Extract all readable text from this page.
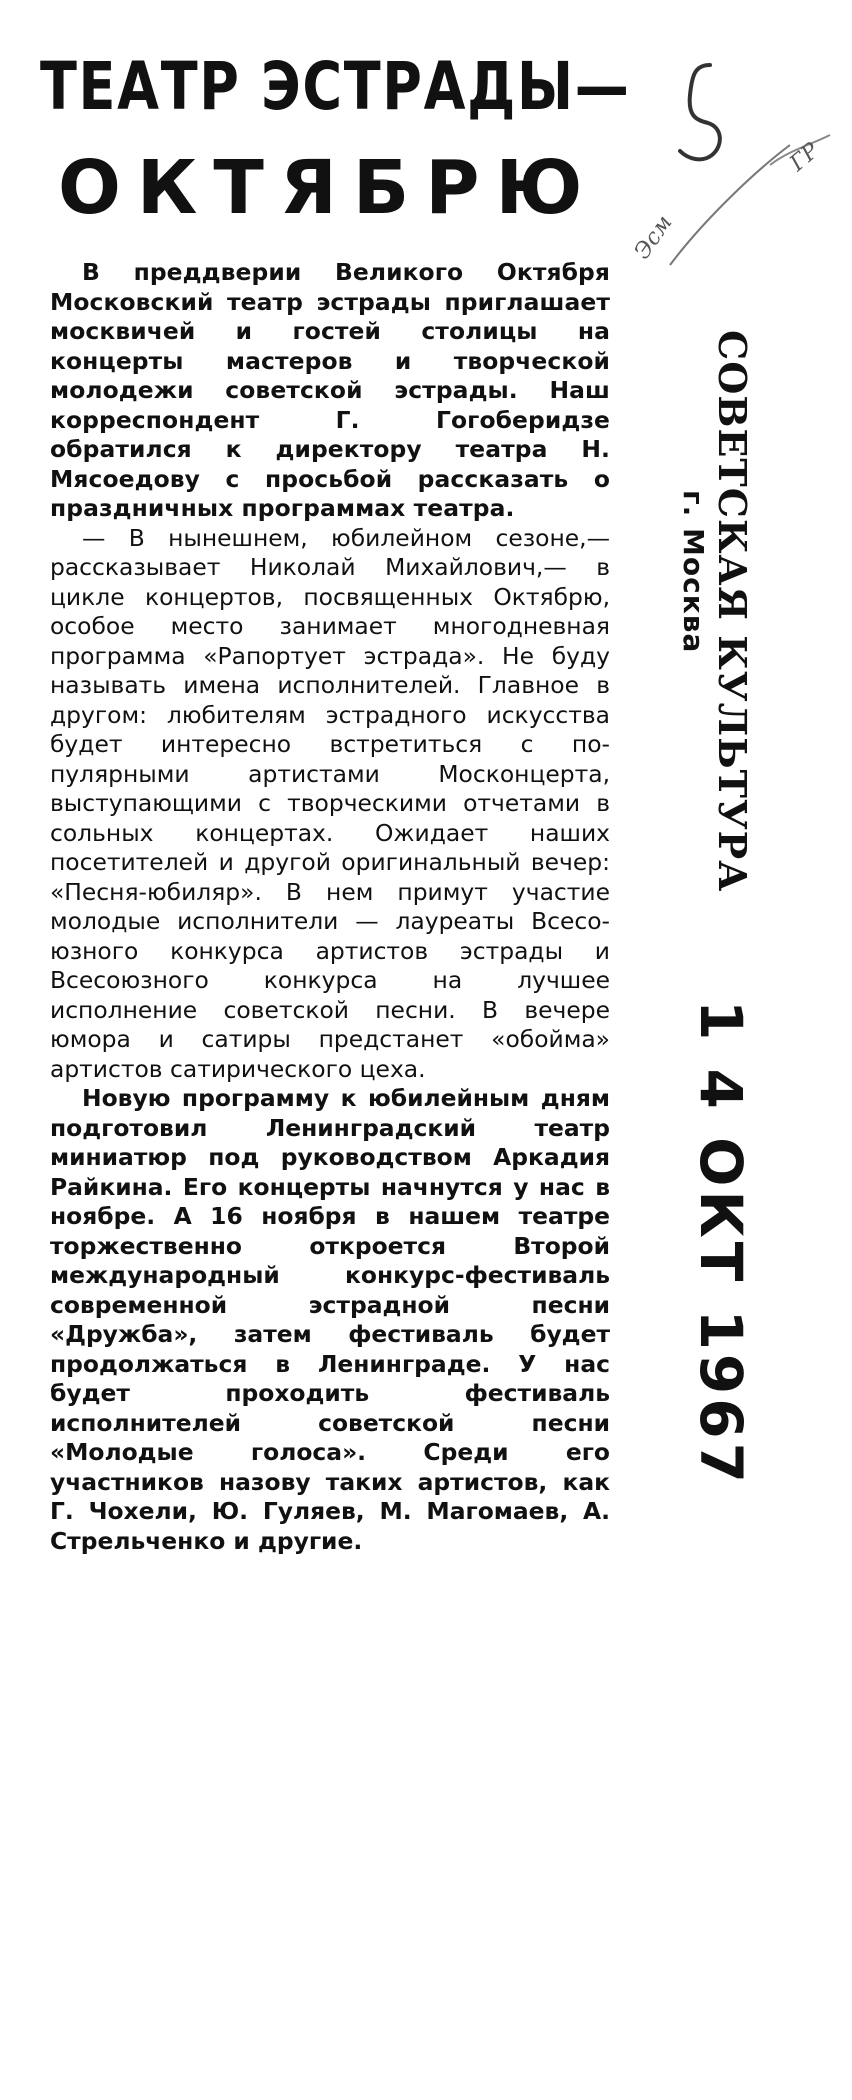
ТЕАТР ЭСТРАДЫ—
ОКТЯБРЮ
Эсм
ГР

В преддверии Великого Октября Московский театр эстрады приглашает москвичей и гостей столицы на концерты мастеров и творческой молодежи советской эстрады. Наш корреспондент Г. Гогоберидзе обратился к директору театра Н. Мясоедову с просьбой рассказать о праздничных программах театра.

— В нынешнем, юбилейном сезоне,—рассказывает Николай Михайлович,— в цикле концертов, посвященных Октябрю, особое место занимает многодневная программа «Рапортует эстрада». Не буду называть имена исполнителей. Главное в другом: любителям эстрадного искусства будет интересно встретиться с популярными артистами Москонцерта, выступающими с творческими отчетами в сольных концертах. Ожидает наших посетителей и другой оригинальный вечер: «Песня-юбиляр». В нем примут участие молодые исполнители — лауреаты Всесоюзного конкурса артистов эстрады и Всесоюзного конкурса на лучшее исполнение советской песни. В вечере юмора и сатиры предстанет «обойма» артистов сатирического цеха.

Новую программу к юбилейным дням подготовил Ленинградский театр миниатюр под руководством Аркадия Райкина. Его концерты начнутся у нас в ноябре. А 16 ноября в нашем театре торжественно откроется Второй международный конкурс-фестиваль современной эстрадной песни «Дружба», затем фестиваль будет продолжаться в Ленинграде. У нас будет проходить фестиваль исполнителей советской песни «Молодые голоса». Среди его участников назову таких артистов, как Г. Чохели, Ю. Гуляев, М. Магомаев, А. Стрельченко и другие.

СОВЕТСКАЯ КУЛЬТУРА
г. Москва
1 4 ОКТ 1967
